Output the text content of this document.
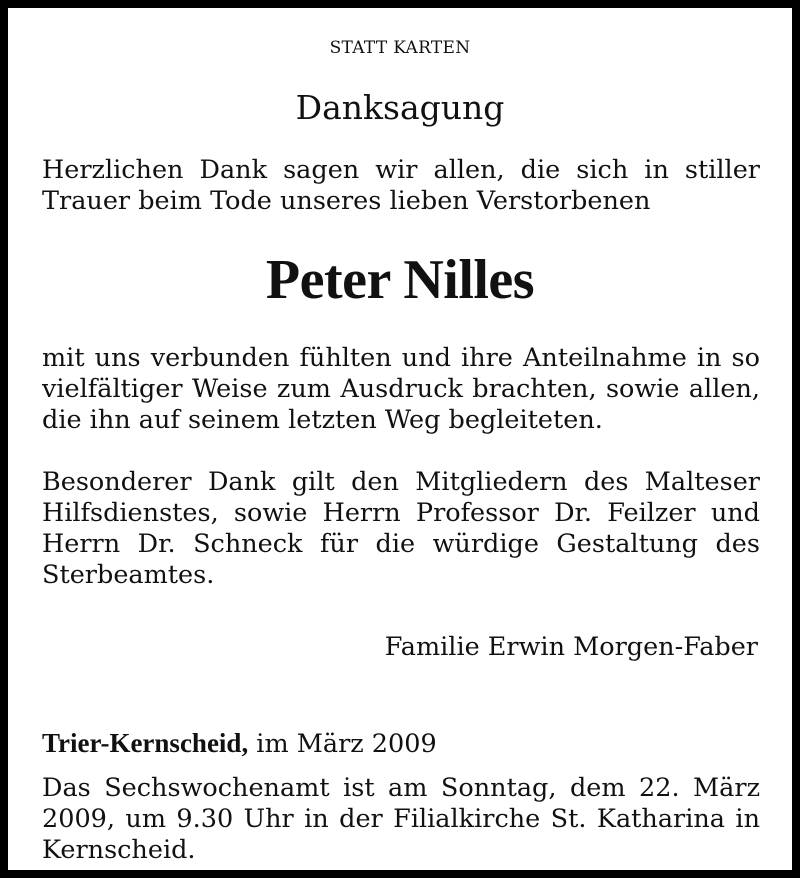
STATT KARTEN

Danksagung

Herzlichen Dank sagen wir allen, die sich in stiller Trauer beim Tode unseres lieben Verstorbenen

Peter Nilles

mit uns verbunden fühlten und ihre Anteilnahme in so vielfältiger Weise zum Ausdruck brachten, sowie allen, die ihn auf seinem letzten Weg begleiteten.

Besonderer Dank gilt den Mitgliedern des Malteser Hilfsdienstes, sowie Herrn Professor Dr. Feilzer und Herrn Dr. Schneck für die würdige Gestaltung des Sterbeamtes.

Familie Erwin Morgen-Faber

Trier-Kernscheid, im März 2009

Das Sechswochenamt ist am Sonntag, dem 22. März 2009, um 9.30 Uhr in der Filialkirche St. Katharina in Kernscheid.
